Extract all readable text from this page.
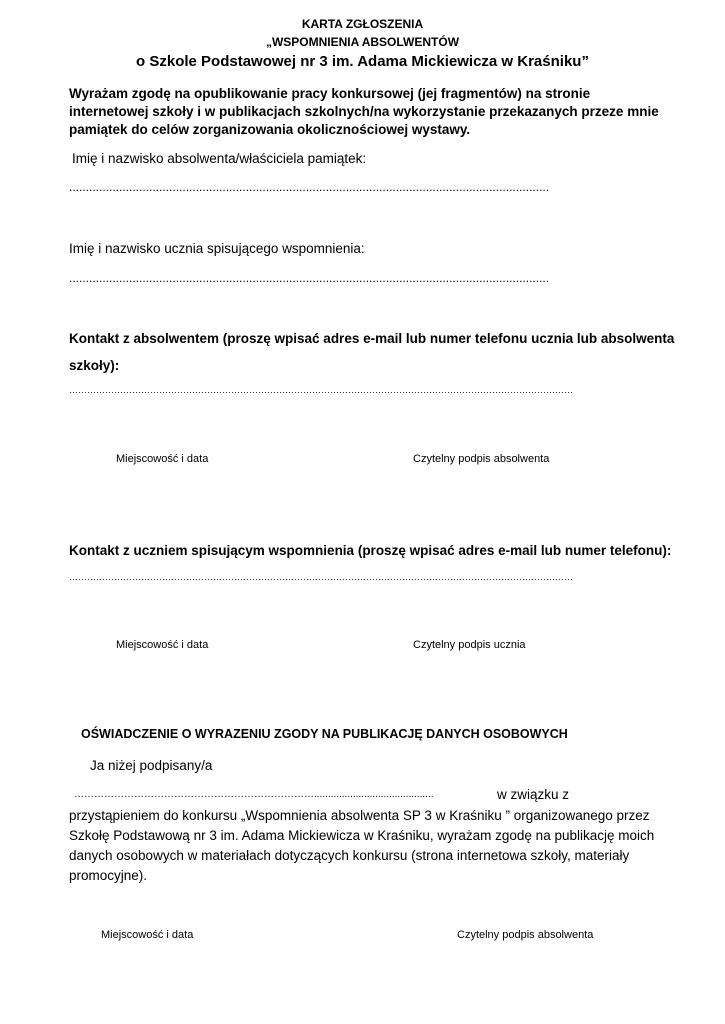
KARTA ZGŁOSZENIA
„WSPOMNIENIA ABSOLWENTÓW
o Szkole Podstawowej nr 3 im. Adama Mickiewicza w Kraśniku”
Wyrażam zgodę na opublikowanie pracy konkursowej (jej fragmentów) na stronie internetowej szkoły i w publikacjach szkolnych/na wykorzystanie przekazanych przeze mnie pamiątek do celów zorganizowania okolicznościowej wystawy.
Imię i nazwisko absolwenta/właściciela pamiątek:
................................................................................................................................................
Imię i nazwisko ucznia spisującego wspomnienia:
................................................................................................................................................
Kontakt z absolwentem (proszę wpisać adres e-mail lub numer telefonu ucznia lub absolwenta
szkoły):
……………………………………………………………………………………………………………………………………………………
Miejscowość i data	Czytelny podpis absolwenta
Kontakt z uczniem spisującym wspomnienia (proszę wpisać adres e-mail lub numer telefonu):
……………………………………………………………………………………………………………………………………………………
Miejscowość i data	Czytelny podpis ucznia
OŚWIADCZENIE O WYRAZENIU ZGODY NA PUBLIKACJĘ DANYCH OSOBOWYCH
Ja niżej podpisany/a
………………………………………………………………...........................................	w związku z
przystąpieniem do konkursu „Wspomnienia absolwenta SP 3 w Kraśniku ” organizowanego przez Szkołę Podstawową nr 3 im. Adama Mickiewicza w Kraśniku, wyrażam zgodę na publikację moich danych osobowych w materiałach dotyczących konkursu (strona internetowa szkoły, materiały promocyjne).
Miejscowość i data	Czytelny podpis absolwenta
